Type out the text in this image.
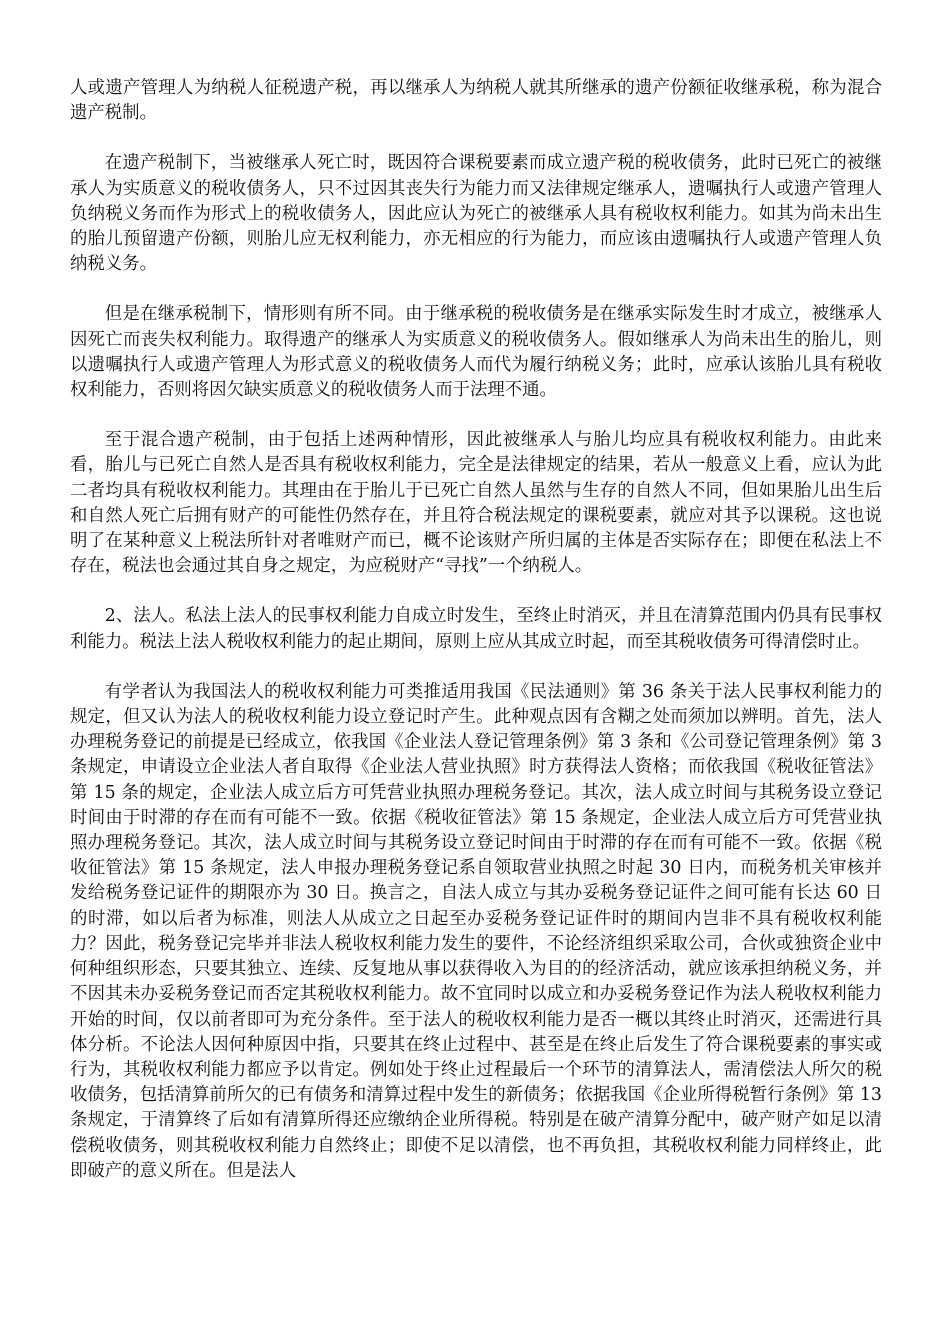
人或遗产管理人为纳税人征税遗产税，再以继承人为纳税人就其所继承的遗产份额征收继承税，称为混合遗产税制。

在遗产税制下，当被继承人死亡时，既因符合课税要素而成立遗产税的税收债务，此时已死亡的被继承人为实质意义的税收债务人，只不过因其丧失行为能力而又法律规定继承人，遗嘱执行人或遗产管理人负纳税义务而作为形式上的税收债务人，因此应认为死亡的被继承人具有税收权利能力。如其为尚未出生的胎儿预留遗产份额，则胎儿应无权利能力，亦无相应的行为能力，而应该由遗嘱执行人或遗产管理人负纳税义务。

但是在继承税制下，情形则有所不同。由于继承税的税收债务是在继承实际发生时才成立，被继承人因死亡而丧失权利能力。取得遗产的继承人为实质意义的税收债务人。假如继承人为尚未出生的胎儿，则以遗嘱执行人或遗产管理人为形式意义的税收债务人而代为履行纳税义务；此时，应承认该胎儿具有税收权利能力，否则将因欠缺实质意义的税收债务人而于法理不通。

至于混合遗产税制，由于包括上述两种情形，因此被继承人与胎儿均应具有税收权利能力。由此来看，胎儿与已死亡自然人是否具有税收权利能力，完全是法律规定的结果，若从一般意义上看，应认为此二者均具有税收权利能力。其理由在于胎儿于已死亡自然人虽然与生存的自然人不同，但如果胎儿出生后和自然人死亡后拥有财产的可能性仍然存在，并且符合税法规定的课税要素，就应对其予以课税。这也说明了在某种意义上税法所针对者唯财产而已，概不论该财产所归属的主体是否实际存在；即便在私法上不存在，税法也会通过其自身之规定，为应税财产“寻找”一个纳税人。

2、法人。私法上法人的民事权利能力自成立时发生，至终止时消灭，并且在清算范围内仍具有民事权利能力。税法上法人税收权利能力的起止期间，原则上应从其成立时起，而至其税收债务可得清偿时止。

有学者认为我国法人的税收权利能力可类推适用我国《民法通则》第 36 条关于法人民事权利能力的规定，但又认为法人的税收权利能力设立登记时产生。此种观点因有含糊之处而须加以辨明。首先，法人办理税务登记的前提是已经成立，依我国《企业法人登记管理条例》第 3 条和《公司登记管理条例》第 3 条规定，申请设立企业法人者自取得《企业法人营业执照》时方获得法人资格；而依我国《税收征管法》第 15 条的规定，企业法人成立后方可凭营业执照办理税务登记。其次，法人成立时间与其税务设立登记时间由于时滞的存在而有可能不一致。依据《税收征管法》第 15 条规定，企业法人成立后方可凭营业执照办理税务登记。其次，法人成立时间与其税务设立登记时间由于时滞的存在而有可能不一致。依据《税收征管法》第 15 条规定，法人申报办理税务登记系自领取营业执照之时起 30 日内，而税务机关审核并发给税务登记证件的期限亦为 30 日。换言之，自法人成立与其办妥税务登记证件之间可能有长达 60 日的时滞，如以后者为标准，则法人从成立之日起至办妥税务登记证件时的期间内岂非不具有税收权利能力？因此，税务登记完毕并非法人税收权利能力发生的要件，不论经济组织采取公司，合伙或独资企业中何种组织形态，只要其独立、连续、反复地从事以获得收入为目的的经济活动，就应该承担纳税义务，并不因其未办妥税务登记而否定其税收权利能力。故不宜同时以成立和办妥税务登记作为法人税收权利能力开始的时间，仅以前者即可为充分条件。至于法人的税收权利能力是否一概以其终止时消灭，还需进行具体分析。不论法人因何种原因中指，只要其在终止过程中、甚至是在终止后发生了符合课税要素的事实或行为，其税收权利能力都应予以肯定。例如处于终止过程最后一个环节的清算法人，需清偿法人所欠的税收债务，包括清算前所欠的已有债务和清算过程中发生的新债务；依据我国《企业所得税暂行条例》第 13 条规定，于清算终了后如有清算所得还应缴纳企业所得税。特别是在破产清算分配中，破产财产如足以清偿税收债务，则其税收权利能力自然终止；即使不足以清偿，也不再负担，其税收权利能力同样终止，此即破产的意义所在。但是法人
